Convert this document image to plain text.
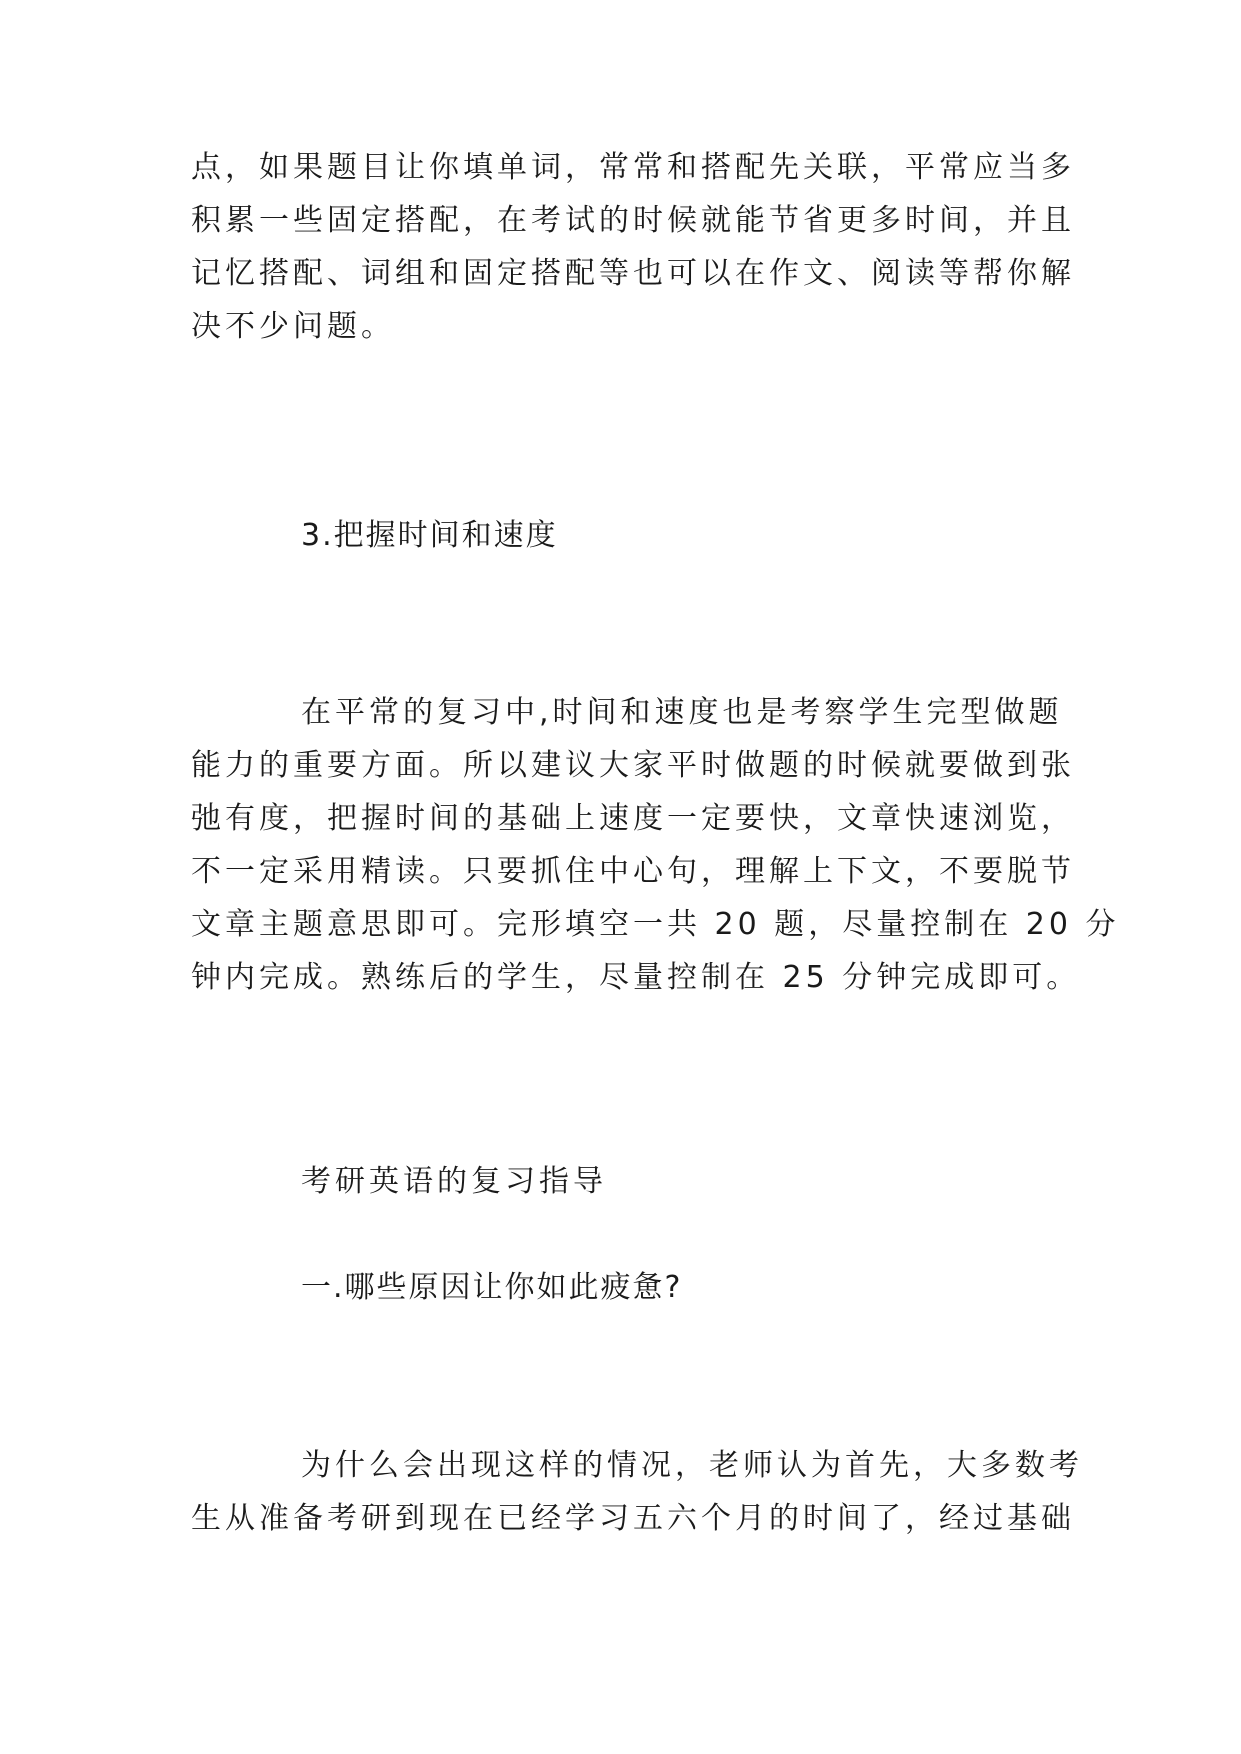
点，如果题目让你填单词，常常和搭配先关联，平常应当多
积累一些固定搭配，在考试的时候就能节省更多时间，并且
记忆搭配、词组和固定搭配等也可以在作文、阅读等帮你解
决不少问题。
3.把握时间和速度
在平常的复习中,时间和速度也是考察学生完型做题
能力的重要方面。所以建议大家平时做题的时候就要做到张
弛有度，把握时间的基础上速度一定要快，文章快速浏览，
不一定采用精读。只要抓住中心句，理解上下文，不要脱节
文章主题意思即可。完形填空一共 20 题，尽量控制在 20 分
钟内完成。熟练后的学生，尽量控制在 25 分钟完成即可。
考研英语的复习指导
一.哪些原因让你如此疲惫?
为什么会出现这样的情况，老师认为首先，大多数考
生从准备考研到现在已经学习五六个月的时间了，经过基础
